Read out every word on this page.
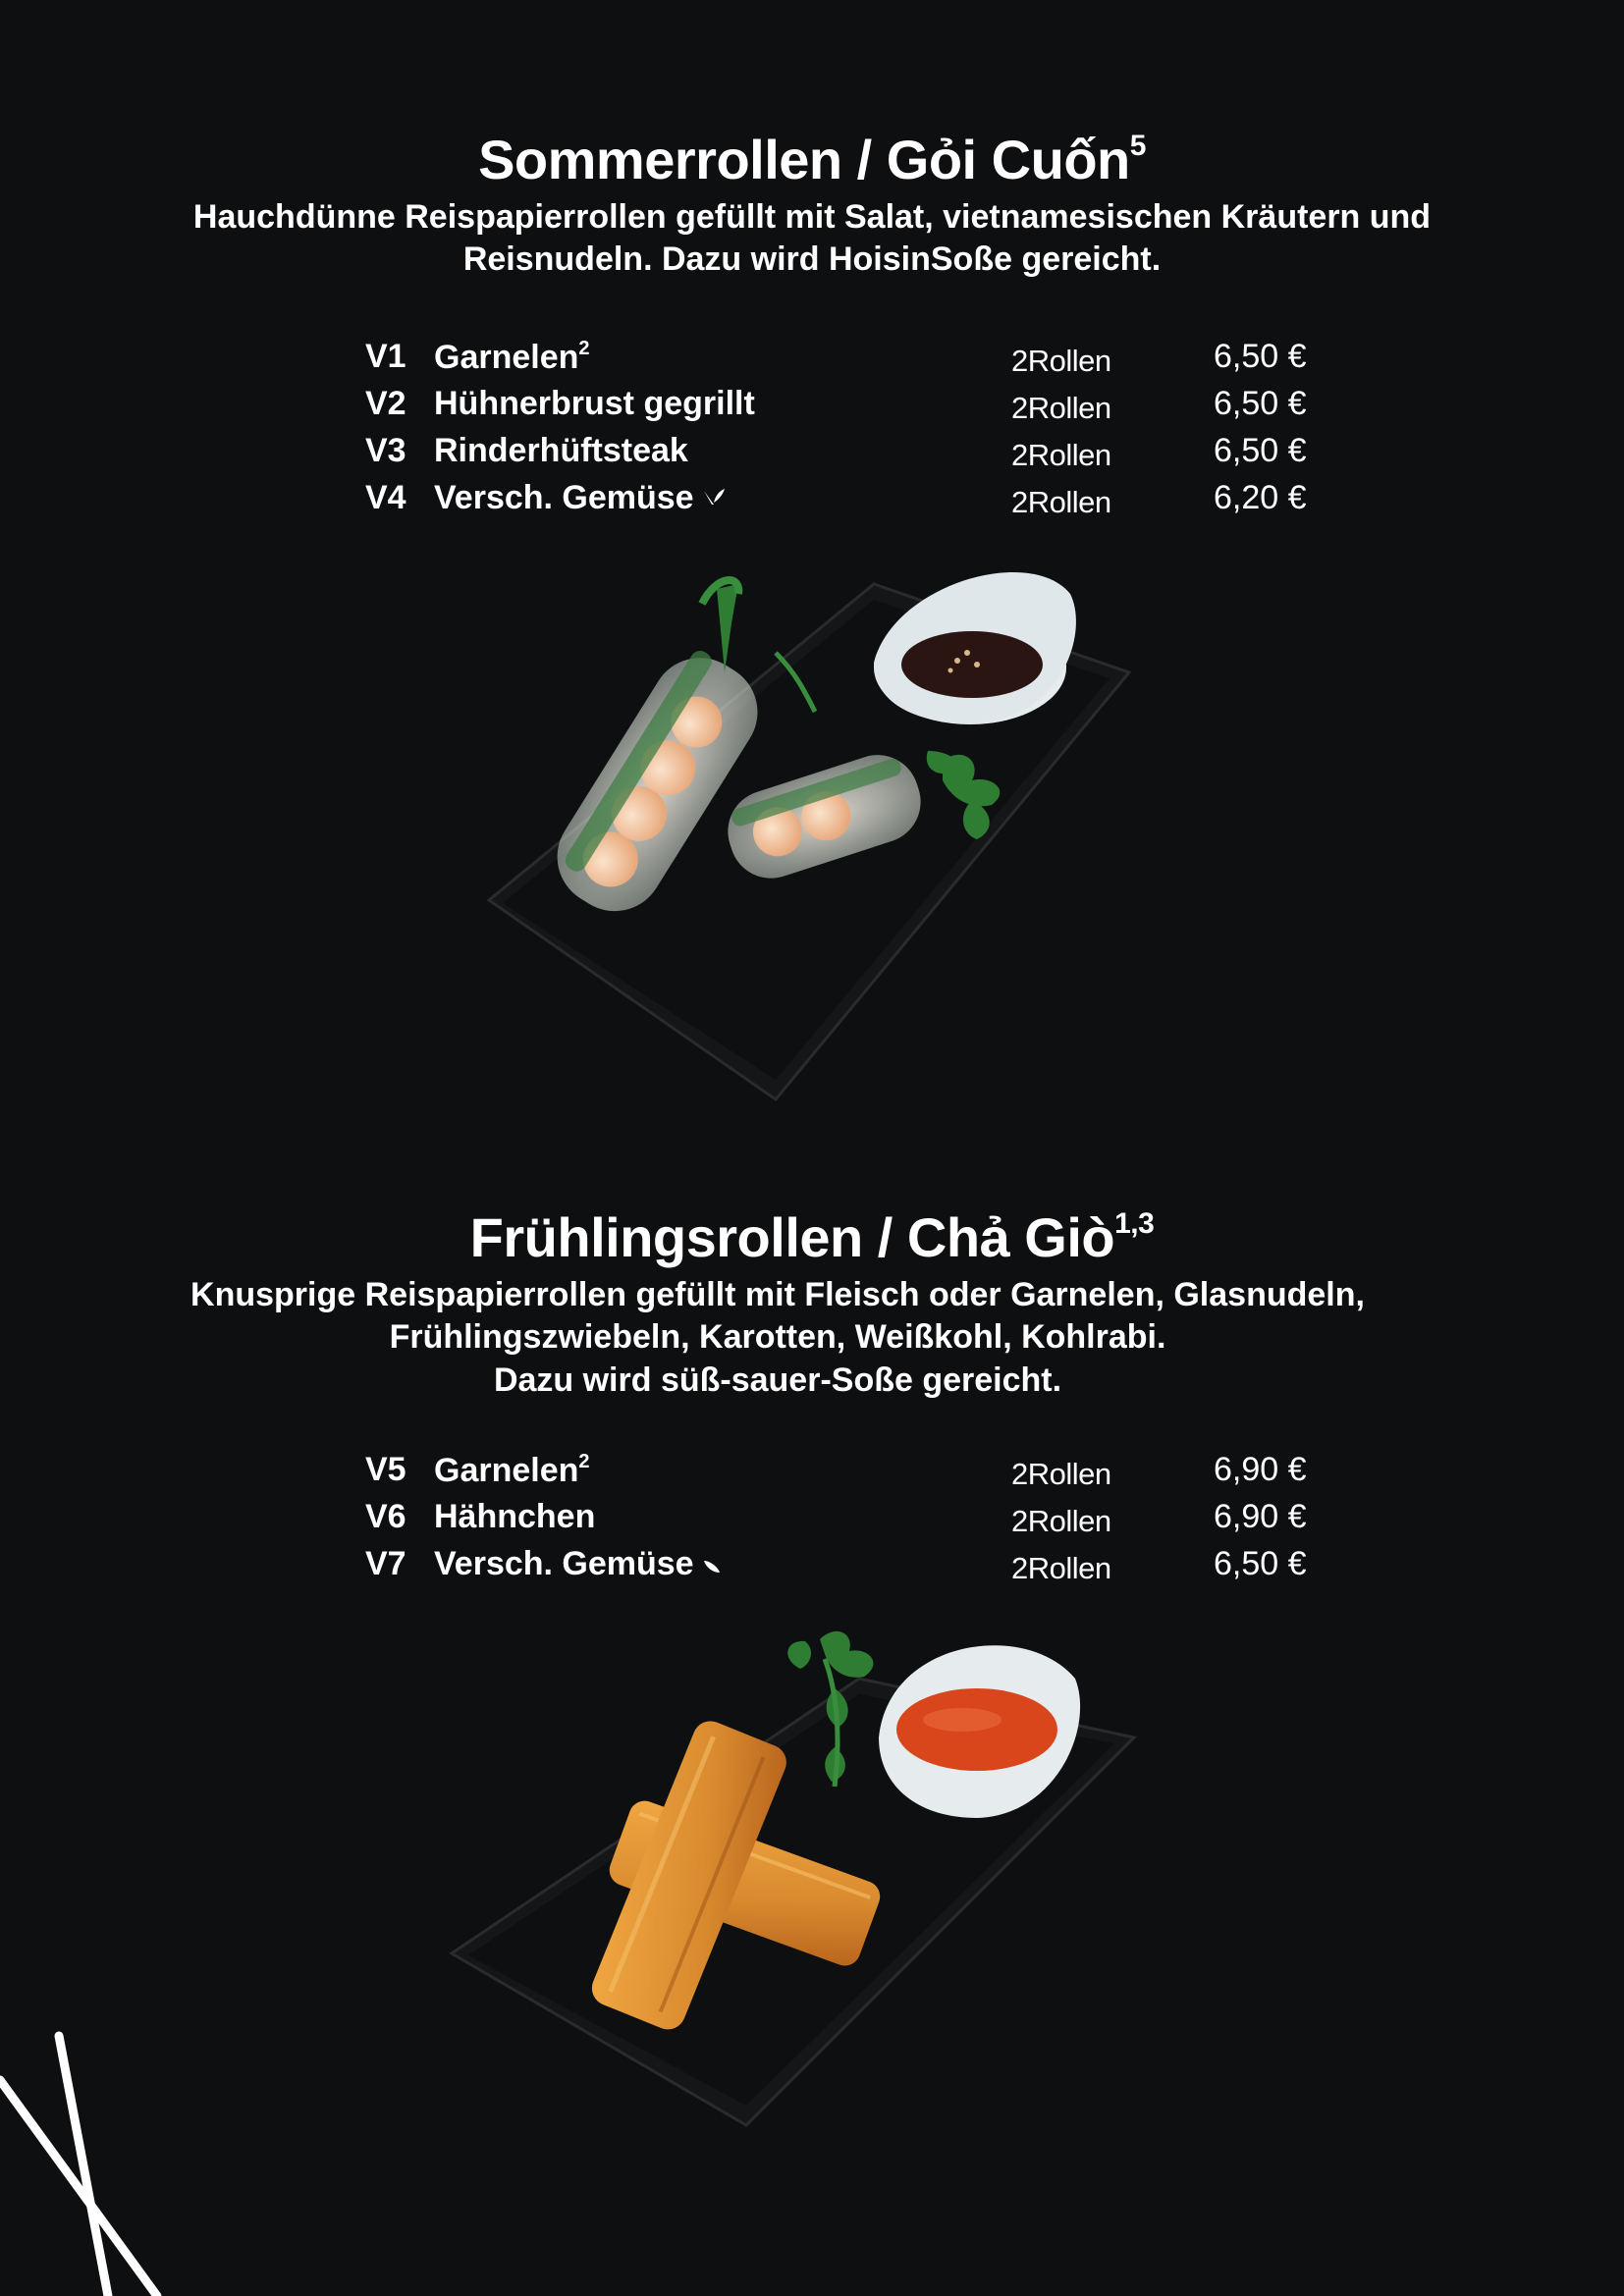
Sommerrollen / Gỏi Cuốn$^5$

Hauchdünne Reispapierrollen gefüllt mit Salat, vietnamesischen Kräutern und
Reisnudeln. Dazu wird HoisinSoße gereicht.

V1 Garnelen$^2$	2Rollen	6,50 €
V2 Hühnerbrust gegrillt	2Rollen	6,50 €
V3 Rinderhüftsteak	2Rollen	6,50 €
V4 Versch. Gemüse	2Rollen	6,20 €
Frühlingsrollen / Chả Giò$^{1,3}$

Knusprige Reispapierrollen gefüllt mit Fleisch oder Garnelen, Glasnudeln,
Frühlingszwiebeln, Karotten, Weißkohl, Kohlrabi.
Dazu wird süß-sauer-Soße gereicht.

V5 Garnelen$^2$	2Rollen	6,90 €
V6 Hähnchen	2Rollen	6,90 €
V7 Versch. Gemüse	2Rollen	6,50 €
